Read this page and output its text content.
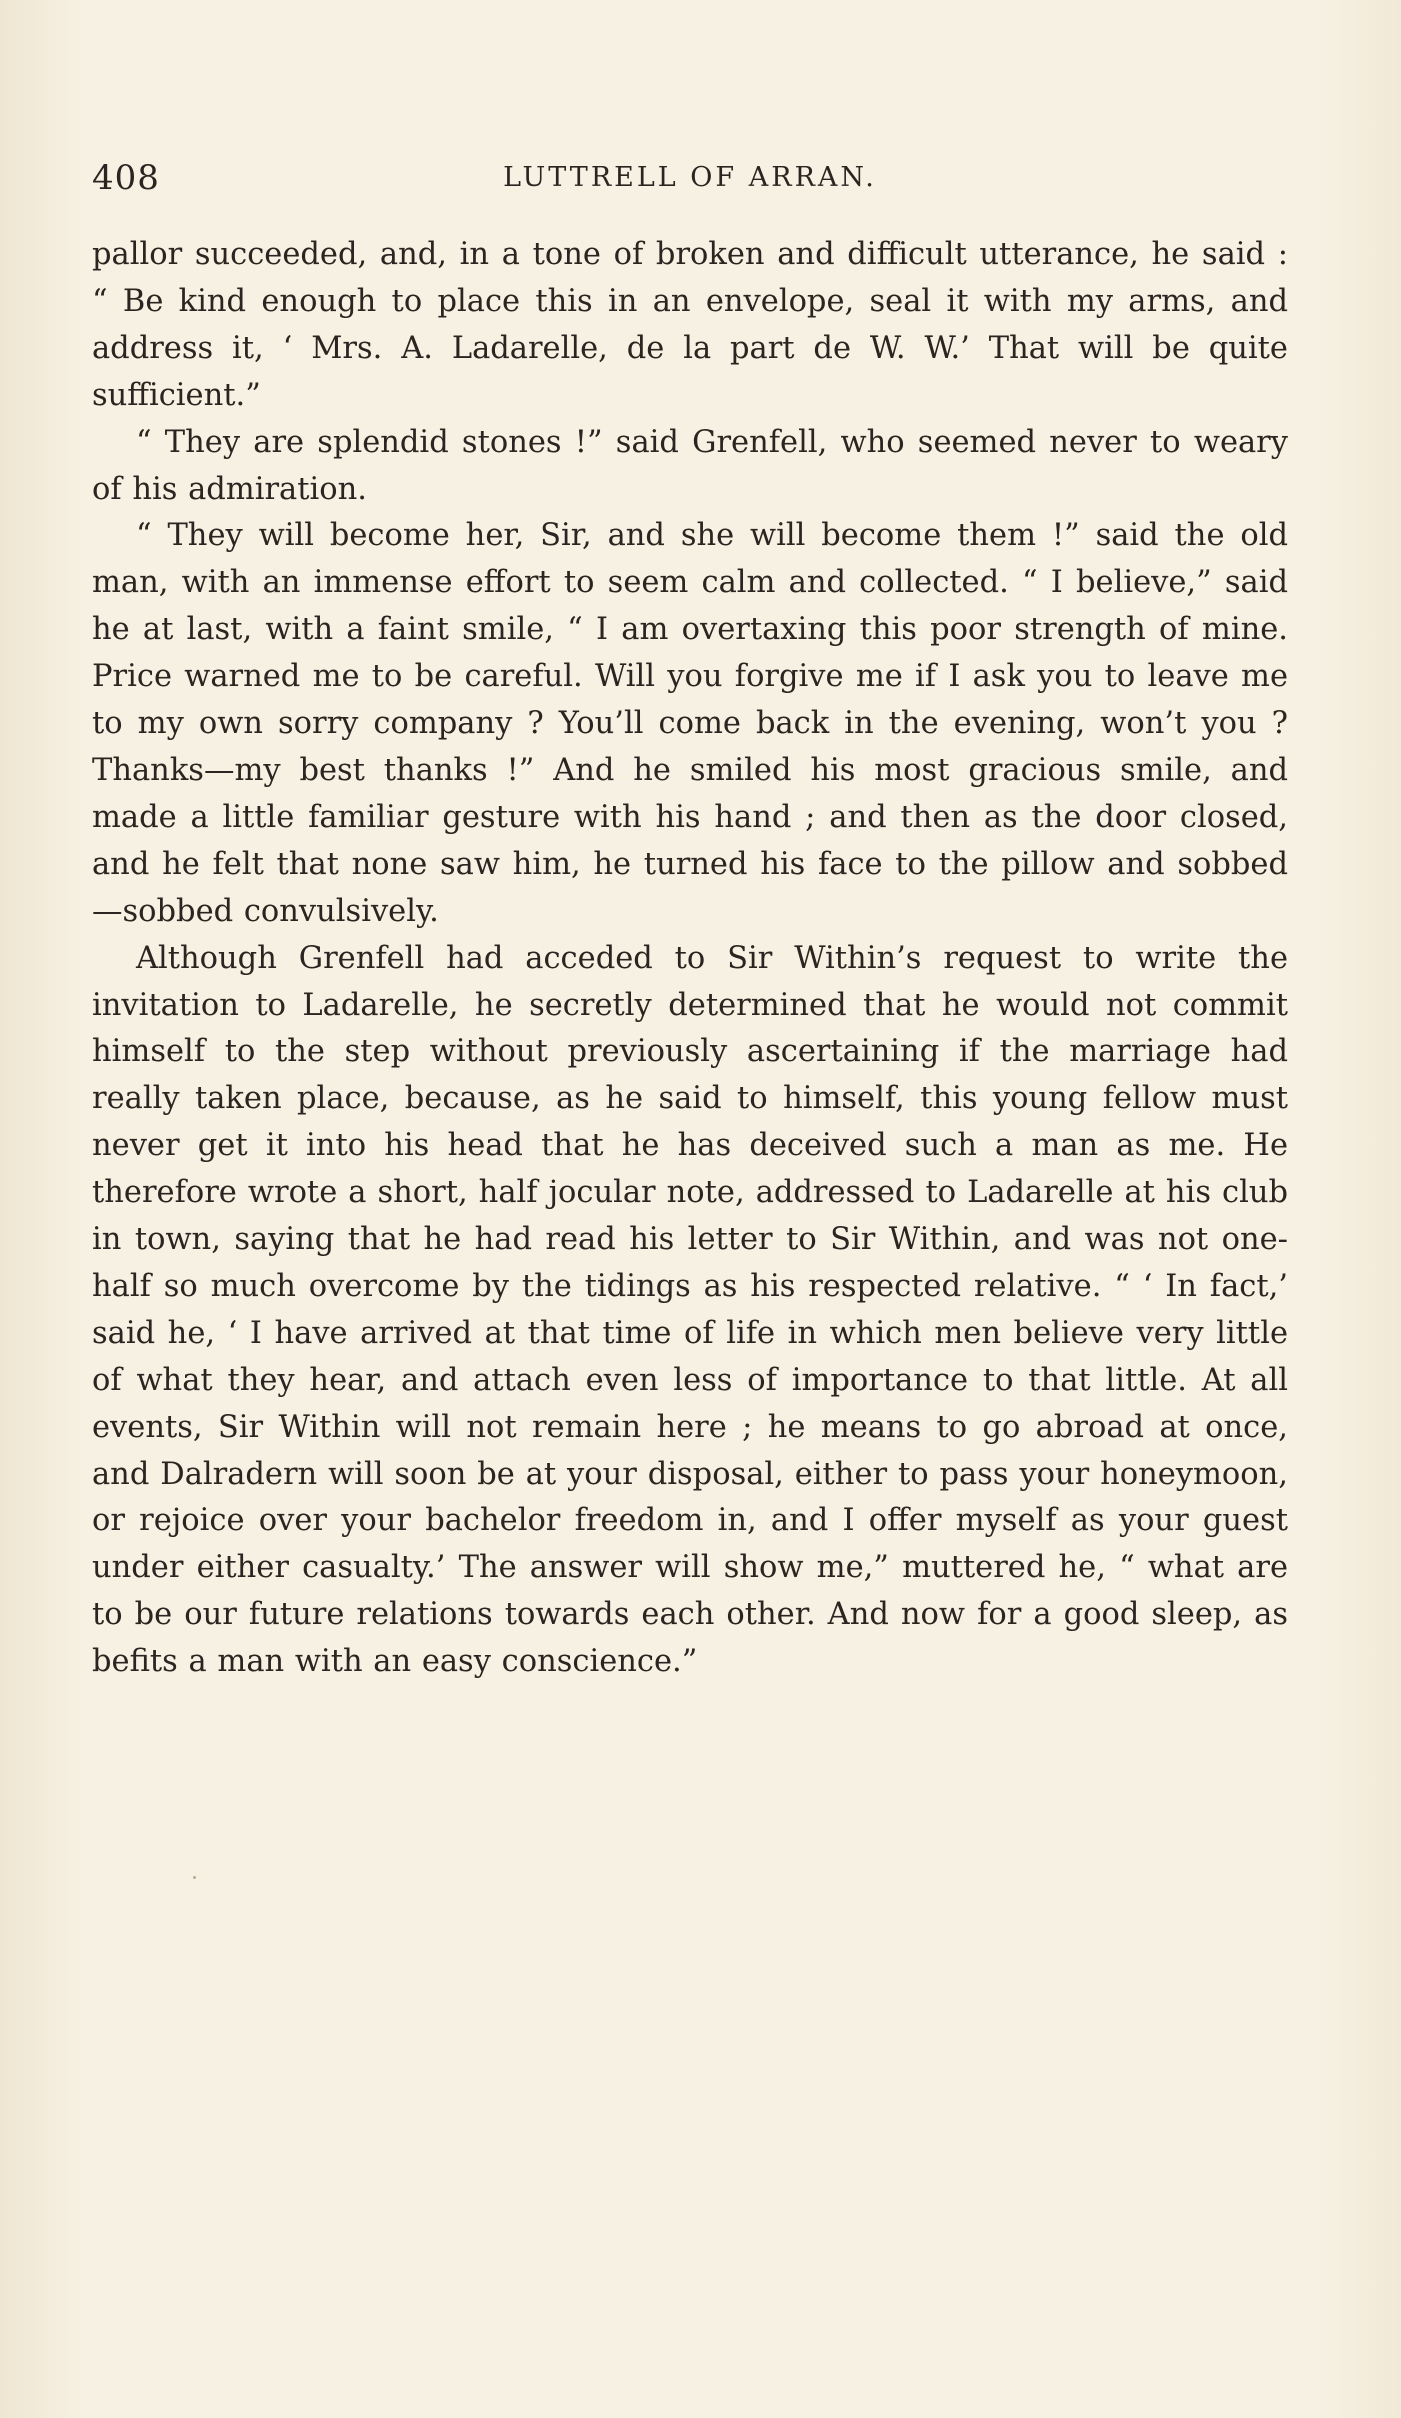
408	LUTTRELL OF ARRAN.

pallor succeeded, and, in a tone of broken and difficult utterance, he said : “ Be kind enough to place this in an envelope, seal it with my arms, and address it, ‘ Mrs. A. Ladarelle, de la part de W. W.’ That will be quite sufficient.”

“ They are splendid stones !” said Grenfell, who seemed never to weary of his admiration.

“ They will become her, Sir, and she will become them !” said the old man, with an immense effort to seem calm and collected. “ I believe,” said he at last, with a faint smile, “ I am overtaxing this poor strength of mine. Price warned me to be careful. Will you forgive me if I ask you to leave me to my own sorry company ? You’ll come back in the evening, won’t you ? Thanks—my best thanks !” And he smiled his most gracious smile, and made a little familiar gesture with his hand ; and then as the door closed, and he felt that none saw him, he turned his face to the pillow and sobbed—sobbed convulsively.

Although Grenfell had acceded to Sir Within’s request to write the invitation to Ladarelle, he secretly determined that he would not commit himself to the step without previously ascertaining if the marriage had really taken place, because, as he said to himself, this young fellow must never get it into his head that he has deceived such a man as me. He therefore wrote a short, half jocular note, addressed to Ladarelle at his club in town, saying that he had read his letter to Sir Within, and was not one-half so much overcome by the tidings as his respected relative. “ ‘ In fact,’ said he, ‘ I have arrived at that time of life in which men believe very little of what they hear, and attach even less of importance to that little. At all events, Sir Within will not remain here ; he means to go abroad at once, and Dalradern will soon be at your disposal, either to pass your honeymoon, or rejoice over your bachelor freedom in, and I offer myself as your guest under either casualty.’ The answer will show me,” muttered he, “ what are to be our future relations towards each other. And now for a good sleep, as befits a man with an easy conscience.”
